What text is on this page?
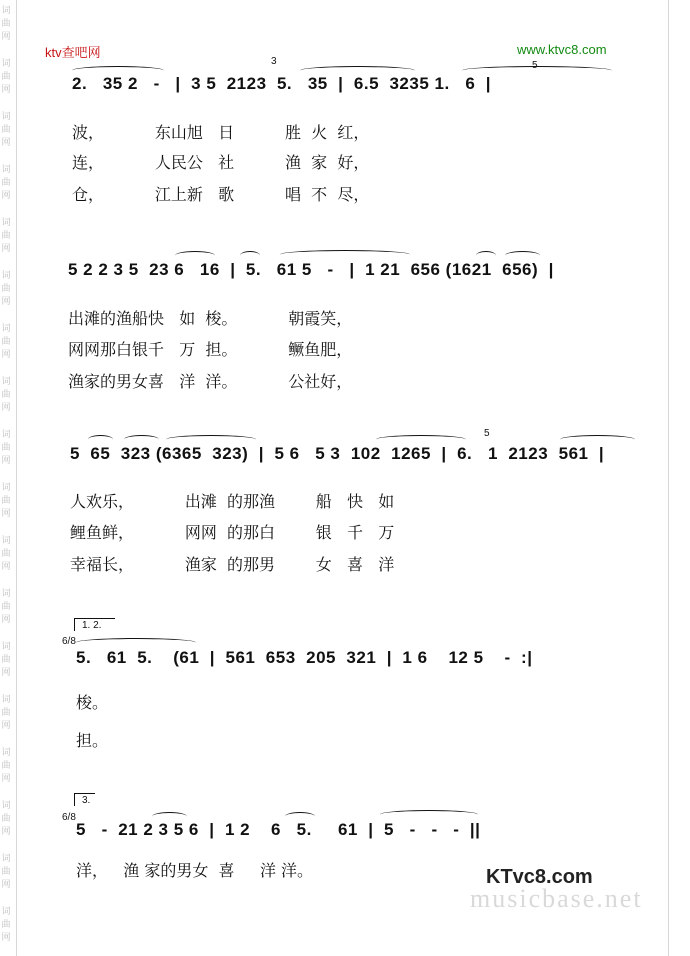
词
曲
网
词
曲
网
词
曲
网
词
曲
网
词
曲
网
词
曲
网
词
曲
网
词
曲
网
词
曲
网
词
曲
网
词
曲
网
词
曲
网
词
曲
网
词
曲
网
词
曲
网
词
曲
网
词
曲
网
词
曲
网
ktv查吧网	www.ktvc8.com
3	5
2.   35 2   -   |  3 5  2123  5.   35  |  6.5  3235 1.   6  |
波，          东山旭   日          胜  火  红，
连，          人民公   社          渔  家  好，
仓，          江上新   歌          唱  不  尽，
5 2 2 3 5  23 6   16  |  5.   61 5   -   |  1 21  656 (1621  656)  |
出滩的渔船快   如  梭。          朝霞笑，
网网那白银千   万  担。          鳜鱼肥，
渔家的男女喜   洋  洋。          公社好，
5
5  65  323 (6365  323)  |  5 6   5 3  102  1265  |  6.   1  2123  561  |
人欢乐，          出滩  的那渔        船   快   如
鲤鱼鲜，          网网  的那白        银   千   万
幸福长，          渔家  的那男        女   喜   洋
1. 2.
6/8
5.   61  5.    (61  |  561  653  205  321  |  1 6    12 5    -  :|
梭。
担。
3.
6/8
5   -  21 2 3 5 6  |  1 2    6   5.     61  |  5   -   -   -  ||
洋，   渔 家的男女  喜     洋 洋。
musicbase.net
KTvc8.com
